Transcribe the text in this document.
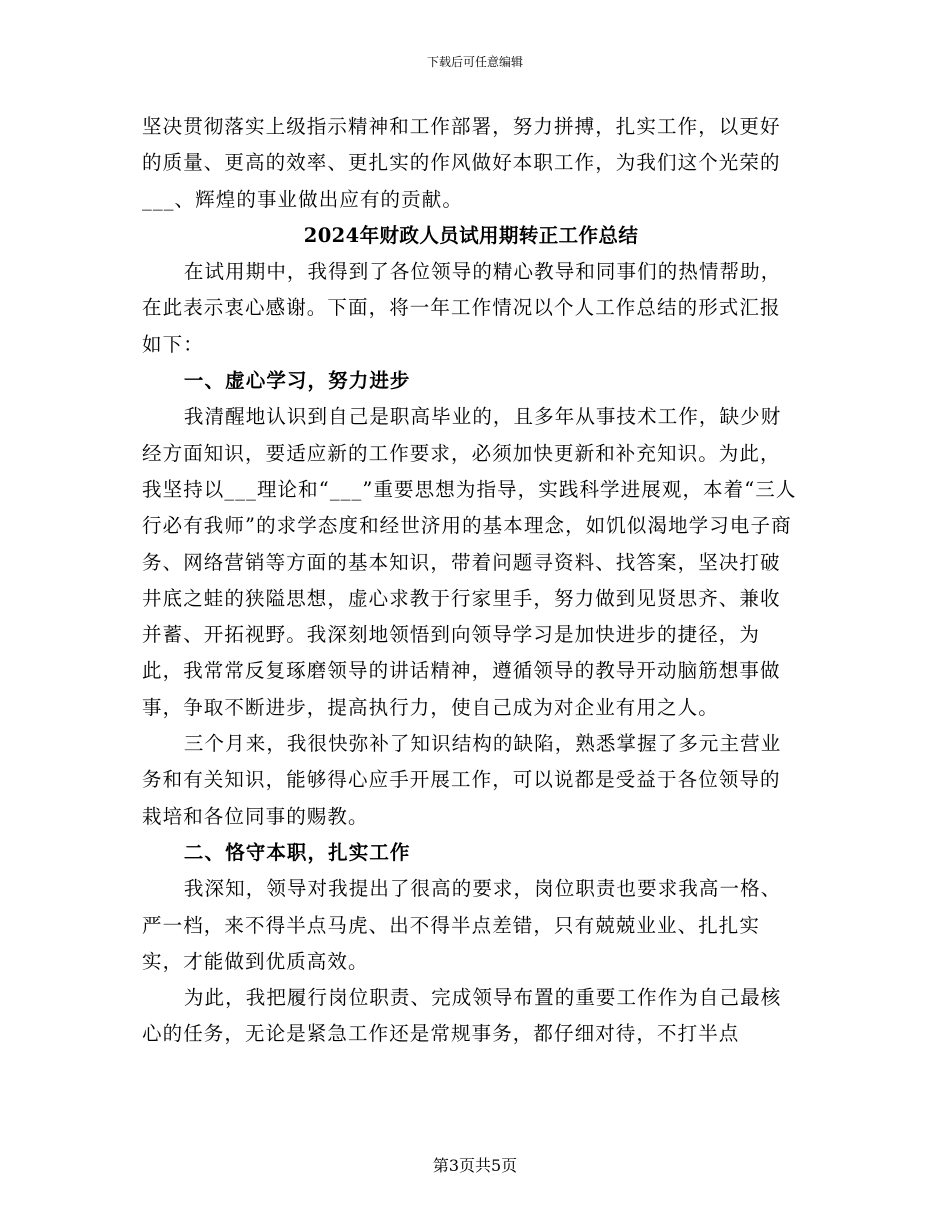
下载后可任意编辑

坚决贯彻落实上级指示精神和工作部署，努力拼搏，扎实工作，以更好的质量、更高的效率、更扎实的作风做好本职工作，为我们这个光荣的___、辉煌的事业做出应有的贡献。

2024年财政人员试用期转正工作总结

在试用期中，我得到了各位领导的精心教导和同事们的热情帮助，在此表示衷心感谢。下面，将一年工作情况以个人工作总结的形式汇报如下：

一、虚心学习，努力进步

我清醒地认识到自己是职高毕业的，且多年从事技术工作，缺少财经方面知识，要适应新的工作要求，必须加快更新和补充知识。为此，我坚持以___理论和“___”重要思想为指导，实践科学进展观，本着“三人行必有我师”的求学态度和经世济用的基本理念，如饥似渴地学习电子商务、网络营销等方面的基本知识，带着问题寻资料、找答案，坚决打破井底之蛙的狭隘思想，虚心求教于行家里手，努力做到见贤思齐、兼收并蓄、开拓视野。我深刻地领悟到向领导学习是加快进步的捷径，为此，我常常反复琢磨领导的讲话精神，遵循领导的教导开动脑筋想事做事，争取不断进步，提高执行力，使自己成为对企业有用之人。

三个月来，我很快弥补了知识结构的缺陷，熟悉掌握了多元主营业务和有关知识，能够得心应手开展工作，可以说都是受益于各位领导的栽培和各位同事的赐教。

二、恪守本职，扎实工作

我深知，领导对我提出了很高的要求，岗位职责也要求我高一格、严一档，来不得半点马虎、出不得半点差错，只有兢兢业业、扎扎实实，才能做到优质高效。

为此，我把履行岗位职责、完成领导布置的重要工作作为自己最核心的任务，无论是紧急工作还是常规事务，都仔细对待，不打半点

第3页共5页
